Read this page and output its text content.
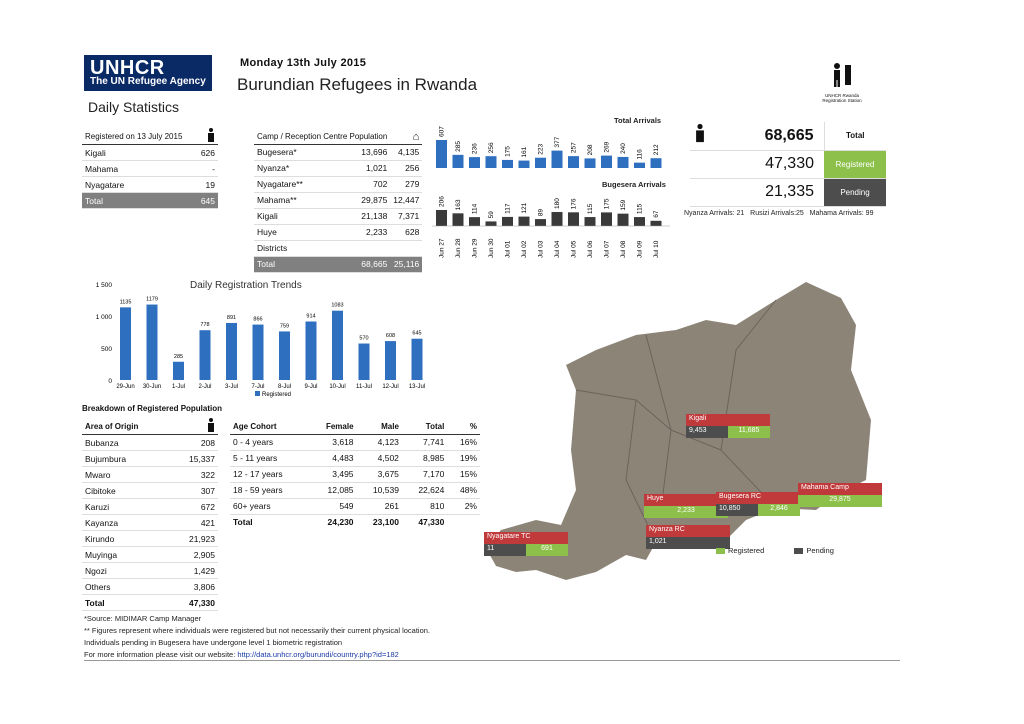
UNHCR
The UN Refugee Agency
Monday 13th July 2015
Burundian Refugees in Rwanda
Daily Statistics
UNHCR Rwanda Registration Station
Registered on 13 July 2015	
Kigali	626
Mahama	-
Nyagatare	19
Total	645
Camp / Reception Centre Population		⌂
Bugesera*	13,696	4,135
Nyanza*	1,021	256
Nyagatare**	702	279
Mahama**	29,875	12,447
Kigali	21,138	7,371
Huye	2,233	628
Districts		
Total	68,665	25,116
Total Arrivals
Bugesera Arrivals
607
285 236 256 175 161 223
377
257 208 269 240
116 212
206
Jun 27
163
Jun 28
114
Jun 29
59
Jun 30
117
Jul 01
121
Jul 02
89
Jul 03
180
Jul 04
176
Jul 05
115
Jul 06
175
Jul 07
159
Jul 08
115
Jul 09
67
Jul 10
	68,665	Total
	47,330	Registered
	21,335	Pending
Nyanza Arrivals: 21   Rusizi Arrivals:25   Mahama Arrivals: 99
Daily Registration Trends
0
500
1 000
1 500
1135
29-Jun
1179
30-Jun
285
1-Jul
778
2-Jul
891
3-Jul
866
7-Jul
759
8-Jul
914
9-Jul
1083
10-Jul
570
11-Jul
608
12-Jul
645
13-Jul
Registered
Breakdown of Registered Population
Area of Origin	
Bubanza	208
Bujumbura	15,337
Mwaro	322
Cibitoke	307
Karuzi	672
Kayanza	421
Kirundo	21,923
Muyinga	2,905
Ngozi	1,429
Others	3,806
Total	47,330
Age Cohort	Female	Male	Total	%
0 - 4 years	3,618	4,123	7,741	16%
5 - 11 years	4,483	4,502	8,985	19%
12 - 17 years	3,495	3,675	7,170	15%
18 - 59 years	12,085	10,539	22,624	48%
60+ years	549	261	810	2%
Total	24,230	23,100	47,330	
Kigali
9,453	11,685
Huye
2,233
Bugesera RC
10,850	2,846
Mahama Camp
29,875
Nyanza RC
1,021
Nyagatare TC
11	691	Registered	Pending
*Source: MIDIMAR Camp Manager
** Figures represent where individuals were registered but not necessarily their current physical location.
Individuals pending in Bugesera have undergone level 1 biometric registration
For more information please visit our website: http://data.unhcr.org/burundi/country.php?id=182
